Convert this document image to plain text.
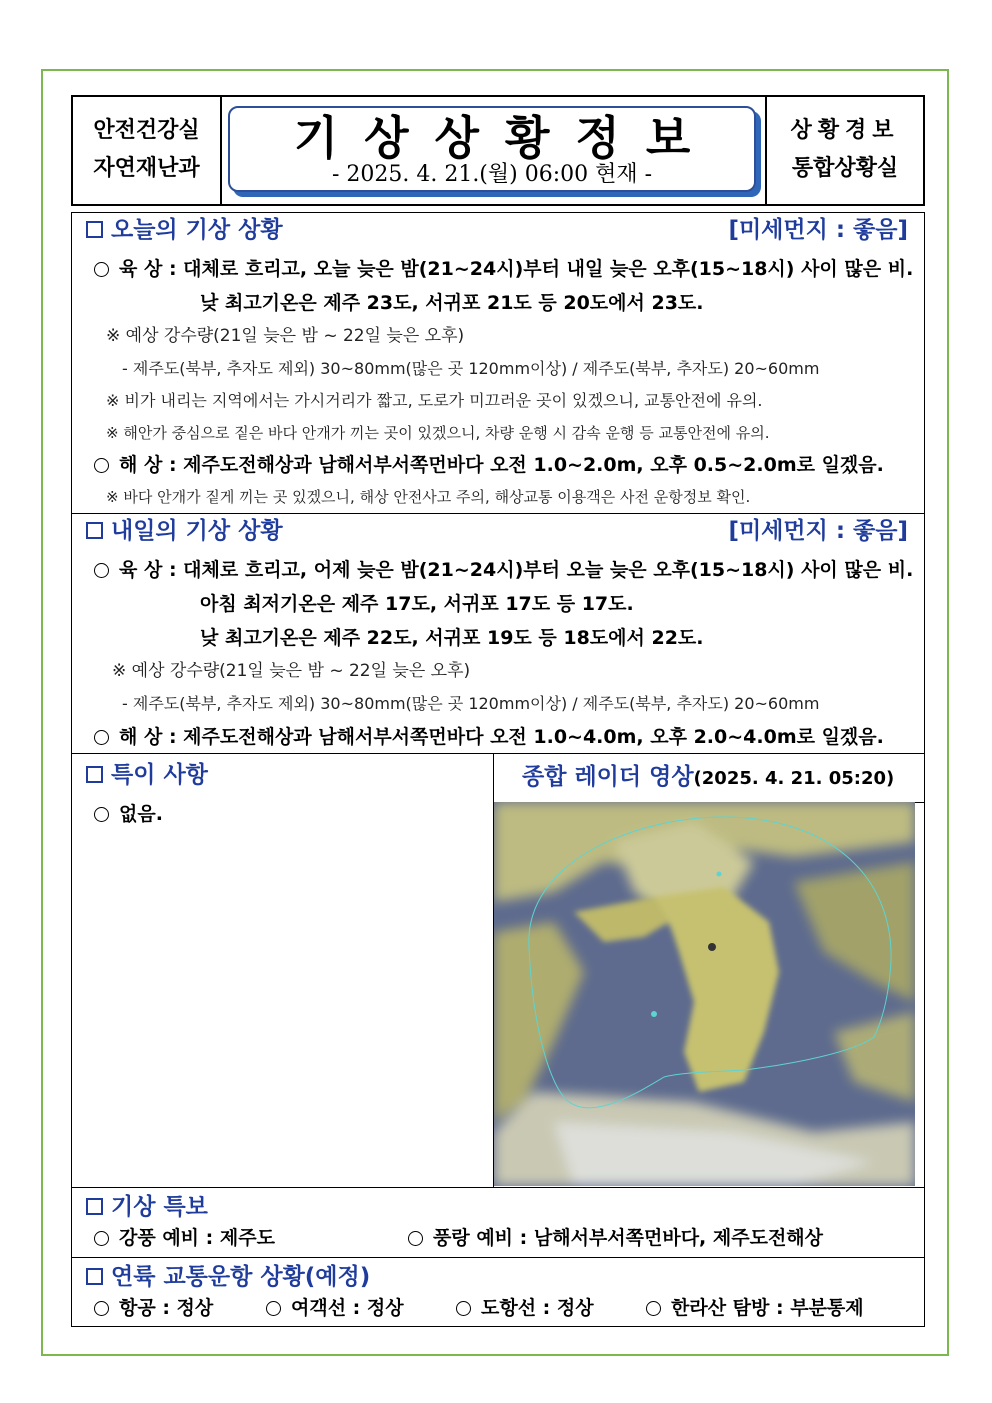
안전건강실
자연재난과
기상상황정보
- 2025. 4. 21.(월) 06:00 현재 -
상황경보
통합상황실
오늘의 기상 상황	[미세먼지 : 좋음]
육 상 : 대체로 흐리고, 오늘 늦은 밤(21~24시)부터 내일 늦은 오후(15~18시) 사이 많은 비.
낮 최고기온은 제주 23도, 서귀포 21도 등 20도에서 23도.
※ 예상 강수량(21일 늦은 밤 ~ 22일 늦은 오후)
- 제주도(북부, 추자도 제외) 30~80mm(많은 곳 120mm이상) / 제주도(북부, 추자도) 20~60mm
※ 비가 내리는 지역에서는 가시거리가 짧고, 도로가 미끄러운 곳이 있겠으니, 교통안전에 유의.
※ 해안가 중심으로 짙은 바다 안개가 끼는 곳이 있겠으니, 차량 운행 시 감속 운행 등 교통안전에 유의.
해 상 : 제주도전해상과 남해서부서쪽먼바다 오전 1.0~2.0m, 오후 0.5~2.0m로 일겠음.
※ 바다 안개가 짙게 끼는 곳 있겠으니, 해상 안전사고 주의, 해상교통 이용객은 사전 운항정보 확인.
내일의 기상 상황	[미세먼지 : 좋음]
육 상 : 대체로 흐리고, 어제 늦은 밤(21~24시)부터 오늘 늦은 오후(15~18시) 사이 많은 비.
아침 최저기온은 제주 17도, 서귀포 17도 등 17도.
낮 최고기온은 제주 22도, 서귀포 19도 등 18도에서 22도.
※ 예상 강수량(21일 늦은 밤 ~ 22일 늦은 오후)
- 제주도(북부, 추자도 제외) 30~80mm(많은 곳 120mm이상) / 제주도(북부, 추자도) 20~60mm
해 상 : 제주도전해상과 남해서부서쪽먼바다 오전 1.0~4.0m, 오후 2.0~4.0m로 일겠음.
특이 사항
없음.
종합 레이더 영상(2025. 4. 21. 05:20)
기상 특보
강풍 예비 : 제주도	풍랑 예비 : 남해서부서쪽먼바다, 제주도전해상
연륙 교통운항 상황(예정)
항공 : 정상	여객선 : 정상	도항선 : 정상	한라산 탐방 : 부분통제
